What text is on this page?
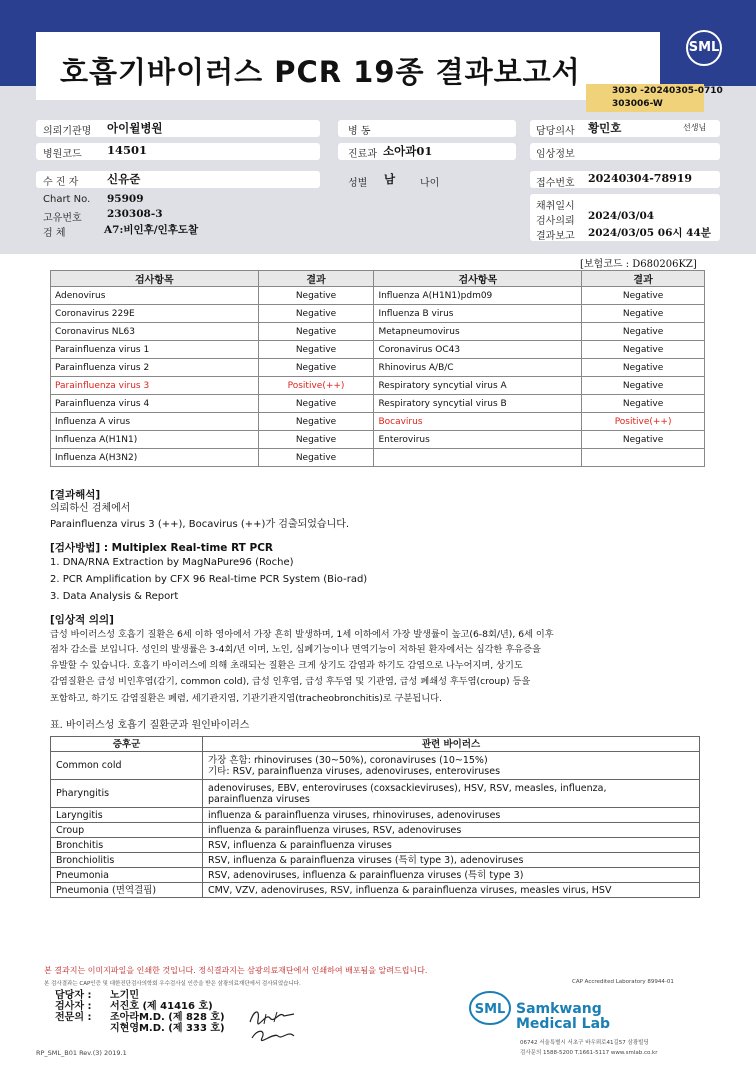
호흡기바이러스 PCR 19종 결과보고서
SML
3030 -20240305-0710
303006-W
의뢰기관명 아이윌병원	병 동	담당의사 황민호	선생님
병원코드 14501	진료과 소아과01	임상정보
수 진 자 신유준	성별 남 나이	접수번호 20240304-78919
Chart No. 95909
고유번호 230308-3
검 체	A7:비인후/인후도찰
채취일시
검사의뢰 2024/03/04
결과보고 2024/03/05 06시 44분
[보험코드 : D680206KZ]
검사항목	결과	검사항목	결과
Adenovirus	Negative	Influenza A(H1N1)pdm09	Negative
Coronavirus 229E	Negative	Influenza B virus	Negative
Coronavirus NL63	Negative	Metapneumovirus	Negative
Parainfluenza virus 1	Negative	Coronavirus OC43	Negative
Parainfluenza virus 2	Negative	Rhinovirus A/B/C	Negative
Parainfluenza virus 3	Positive(++)	Respiratory syncytial virus A	Negative
Parainfluenza virus 4	Negative	Respiratory syncytial virus B	Negative
Influenza A virus	Negative	Bocavirus	Positive(++)
Influenza A(H1N1)	Negative	Enterovirus	Negative
Influenza A(H3N2)	Negative		
[결과해석]
의뢰하신 검체에서
Parainfluenza virus 3 (++), Bocavirus (++)가 검출되었습니다.
[검사방법] : Multiplex Real-time RT PCR
1. DNA/RNA Extraction by MagNaPure96 (Roche)
2. PCR Amplification by CFX 96 Real-time PCR System (Bio-rad)
3. Data Analysis & Report
[임상적 의의]
급성 바이러스성 호흡기 질환은 6세 이하 영아에서 가장 흔히 발생하며, 1세 이하에서 가장 발생률이 높고(6-8회/년), 6세 이후
점차 감소를 보입니다. 성인의 발생률은 3-4회/년 이며, 노인, 심폐기능이나 면역기능이 저하된 환자에서는 심각한 후유증을
유발할 수 있습니다. 호흡기 바이러스에 의해 초래되는 질환은 크게 상기도 감염과 하기도 감염으로 나누어지며, 상기도
감염질환은 급성 비인후염(감기, common cold), 급성 인후염, 급성 후두염 및 기관염, 급성 폐쇄성 후두염(croup) 등을
포함하고, 하기도 감염질환은 폐렴, 세기관지염, 기관기관지염(tracheobronchitis)로 구분됩니다.
표. 바이러스성 호흡기 질환군과 원인바이러스
증후군	관련 바이러스
Common cold	가장 흔함: rhinoviruses (30~50%), coronaviruses (10~15%)
기타: RSV, parainfluenza viruses, adenoviruses, enteroviruses

Pharyngitis	adenoviruses, EBV, enteroviruses (coxsackieviruses), HSV, RSV, measles, influenza,
parainfluenza viruses

Laryngitis	influenza & parainfluenza viruses, rhinoviruses, adenoviruses

Croup	influenza & parainfluenza viruses, RSV, adenoviruses

Bronchitis	RSV, influenza & parainfluenza viruses

Bronchiolitis	RSV, influenza & parainfluenza viruses (특히 type 3), adenoviruses

Pneumonia	RSV, adenoviruses, influenza & parainfluenza viruses (특히 type 3)

Pneumonia (면역결핍)	CMV, VZV, adenoviruses, RSV, influenza & parainfluenza viruses, measles virus, HSV
본 결과지는 이미지파일을 인쇄한 것입니다. 정식결과지는 삼광의료재단에서 인쇄하여 배포됨을 알려드립니다.
본 검사결과는 CAP인증 및 대한진단검사의학회 우수검사실 인증을 받은 삼광의료재단에서 검사되었습니다.	CAP Accredited Laboratory 89944-01
담당자 :
검사자 :
전문의 :
노기민
서진호 (제 41416 호)
조아라M.D. (제 828 호)
지현영M.D. (제 333 호)
SML Samkwang
Medical Lab
06742 서울특별시 서초구 바우뫼로41길57 삼광빌딩
검사문의 1588-5200 T.1661-5117 www.smlab.co.kr
RP_SML_B01 Rev.(3) 2019.1
